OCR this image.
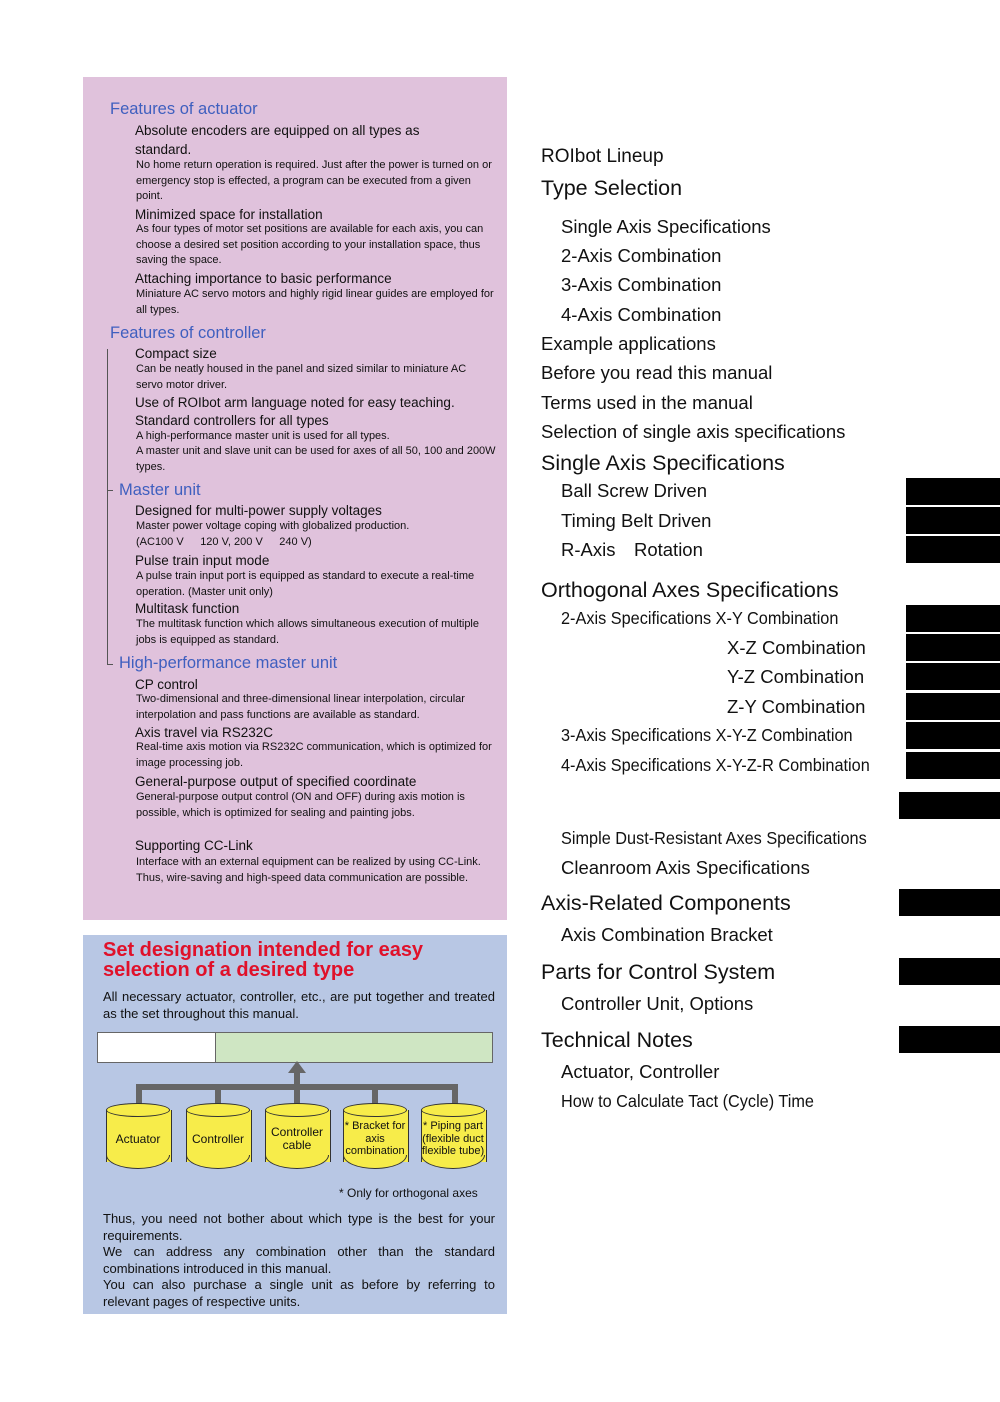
Features of actuator
Absolute encoders are equipped on all types as
standard.
No home return operation is required. Just after the power is turned on or emergency stop is effected, a program can be executed from a given point.
Minimized space for installation
As four types of motor set positions are available for each axis, you can choose a desired set position according to your installation space, thus saving the space.
Attaching importance to basic performance
Miniature AC servo motors and highly rigid linear guides are employed for all types.
Features of controller
Compact size
Can be neatly housed in the panel and sized similar to miniature AC servo motor driver.
Use of ROIbot arm language noted for easy teaching.
Standard controllers for all types
A high-performance master unit is used for all types.
A master unit and slave unit can be used for axes of all 50, 100 and 200W types.
Master unit
Designed for multi-power supply voltages
Master power voltage coping with globalized production.
(AC100 V  120 V, 200 V  240 V)
Pulse train input mode
A pulse train input port is equipped as standard to execute a real-time operation. (Master unit only)
Multitask function
The multitask function which allows simultaneous execution of multiple jobs is equipped as standard.
High-performance master unit
CP control
Two-dimensional and three-dimensional linear interpolation, circular interpolation and pass functions are available as standard.
Axis travel via RS232C
Real-time axis motion via RS232C communication, which is optimized for image processing job.
General-purpose output of specified coordinate
General-purpose output control (ON and OFF) during axis motion is possible, which is optimized for sealing and painting jobs.
Supporting CC-Link
Interface with an external equipment can be realized by using CC-Link. Thus, wire-saving and high-speed data communication are possible.
Set designation intended for easy selection of a desired type
All necessary actuator, controller, etc., are put together and treated as the set throughout this manual.
Actuator	Controller	Controller cable
* Bracket for axis combination
* Piping part (flexible duct flexible tube)
* Only for orthogonal axes
Thus, you need not bother about which type is the best for your requirements.
We can address any combination other than the standard combinations introduced in this manual.
You can also purchase a single unit as before by referring to relevant pages of respective units.
ROIbot Lineup
Type Selection
Single Axis Specifications
2-Axis Combination
3-Axis Combination
4-Axis Combination
Example applications
Before you read this manual
Terms used in the manual
Selection of single axis specifications
Single Axis Specifications
Ball Screw Driven
Timing Belt Driven
R-Axis Rotation
Orthogonal Axes Specifications
2-Axis Specifications X-Y Combination
X-Z Combination
Y-Z Combination
Z-Y Combination
3-Axis Specifications X-Y-Z Combination
4-Axis Specifications X-Y-Z-R Combination
Simple Dust-Resistant Axes Specifications
Cleanroom Axis Specifications
Axis-Related Components
Axis Combination Bracket
Parts for Control System
Controller Unit, Options
Technical Notes
Actuator, Controller
How to Calculate Tact (Cycle) Time
